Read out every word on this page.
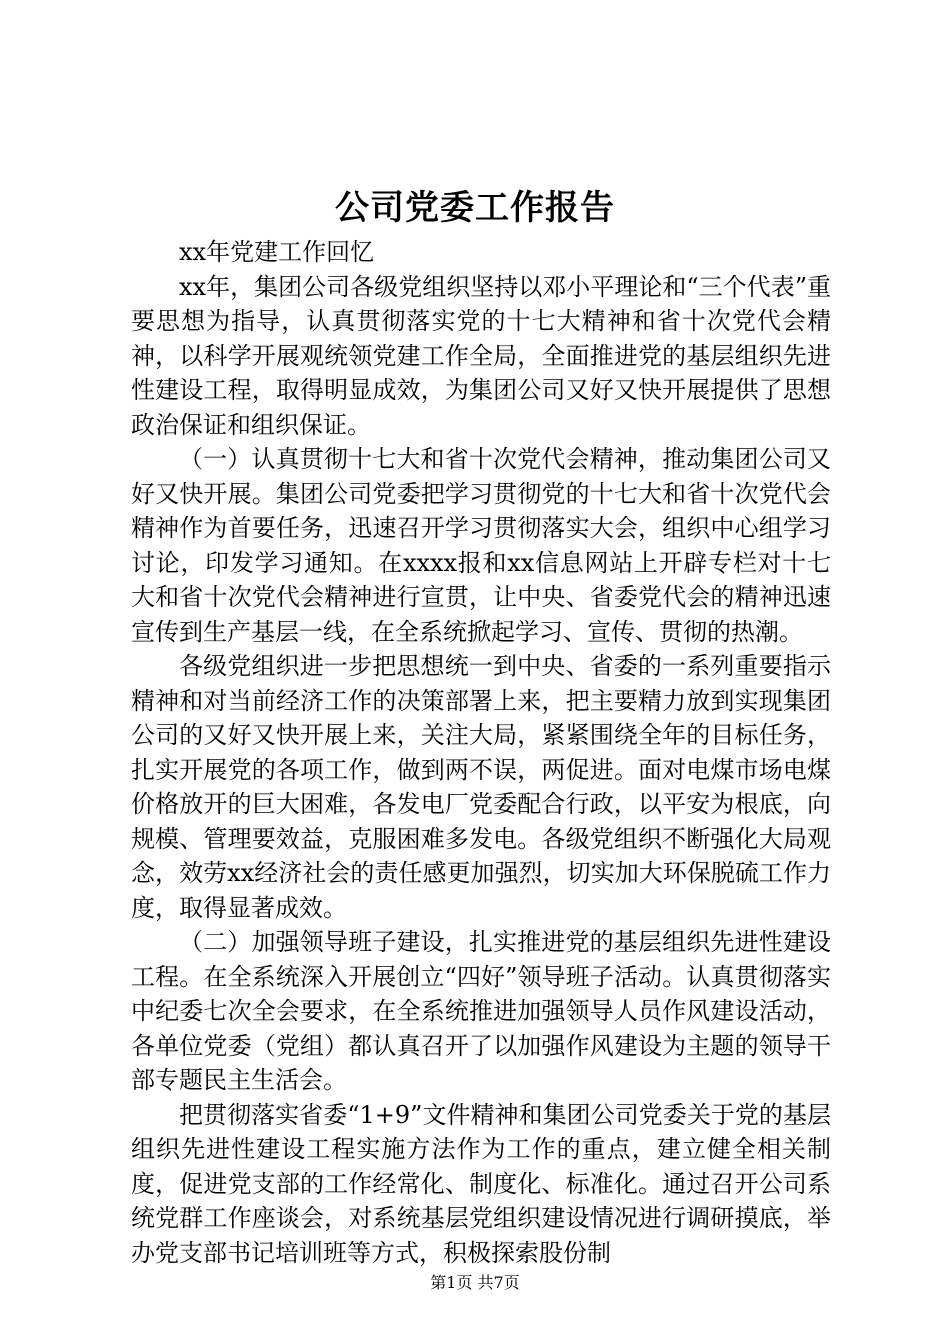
公司党委工作报告

xx年党建工作回忆

xx年，集团公司各级党组织坚持以邓小平理论和“三个代表”重要思想为指导，认真贯彻落实党的十七大精神和省十次党代会精神，以科学开展观统领党建工作全局，全面推进党的基层组织先进性建设工程，取得明显成效，为集团公司又好又快开展提供了思想政治保证和组织保证。

（一）认真贯彻十七大和省十次党代会精神，推动集团公司又好又快开展。集团公司党委把学习贯彻党的十七大和省十次党代会精神作为首要任务，迅速召开学习贯彻落实大会，组织中心组学习讨论，印发学习通知。在xxxx报和xx信息网站上开辟专栏对十七大和省十次党代会精神进行宣贯，让中央、省委党代会的精神迅速宣传到生产基层一线，在全系统掀起学习、宣传、贯彻的热潮。

各级党组织进一步把思想统一到中央、省委的一系列重要指示精神和对当前经济工作的决策部署上来，把主要精力放到实现集团公司的又好又快开展上来，关注大局，紧紧围绕全年的目标任务，扎实开展党的各项工作，做到两不误，两促进。面对电煤市场电煤价格放开的巨大困难，各发电厂党委配合行政，以平安为根底，向规模、管理要效益，克服困难多发电。各级党组织不断强化大局观念，效劳xx经济社会的责任感更加强烈，切实加大环保脱硫工作力度，取得显著成效。

（二）加强领导班子建设，扎实推进党的基层组织先进性建设工程。在全系统深入开展创立“四好”领导班子活动。认真贯彻落实中纪委七次全会要求，在全系统推进加强领导人员作风建设活动，各单位党委（党组）都认真召开了以加强作风建设为主题的领导干部专题民主生活会。

把贯彻落实省委“1+9”文件精神和集团公司党委关于党的基层组织先进性建设工程实施方法作为工作的重点，建立健全相关制度，促进党支部的工作经常化、制度化、标准化。通过召开公司系统党群工作座谈会，对系统基层党组织建设情况进行调研摸底，举办党支部书记培训班等方式，积极探索股份制

第1页 共7页
